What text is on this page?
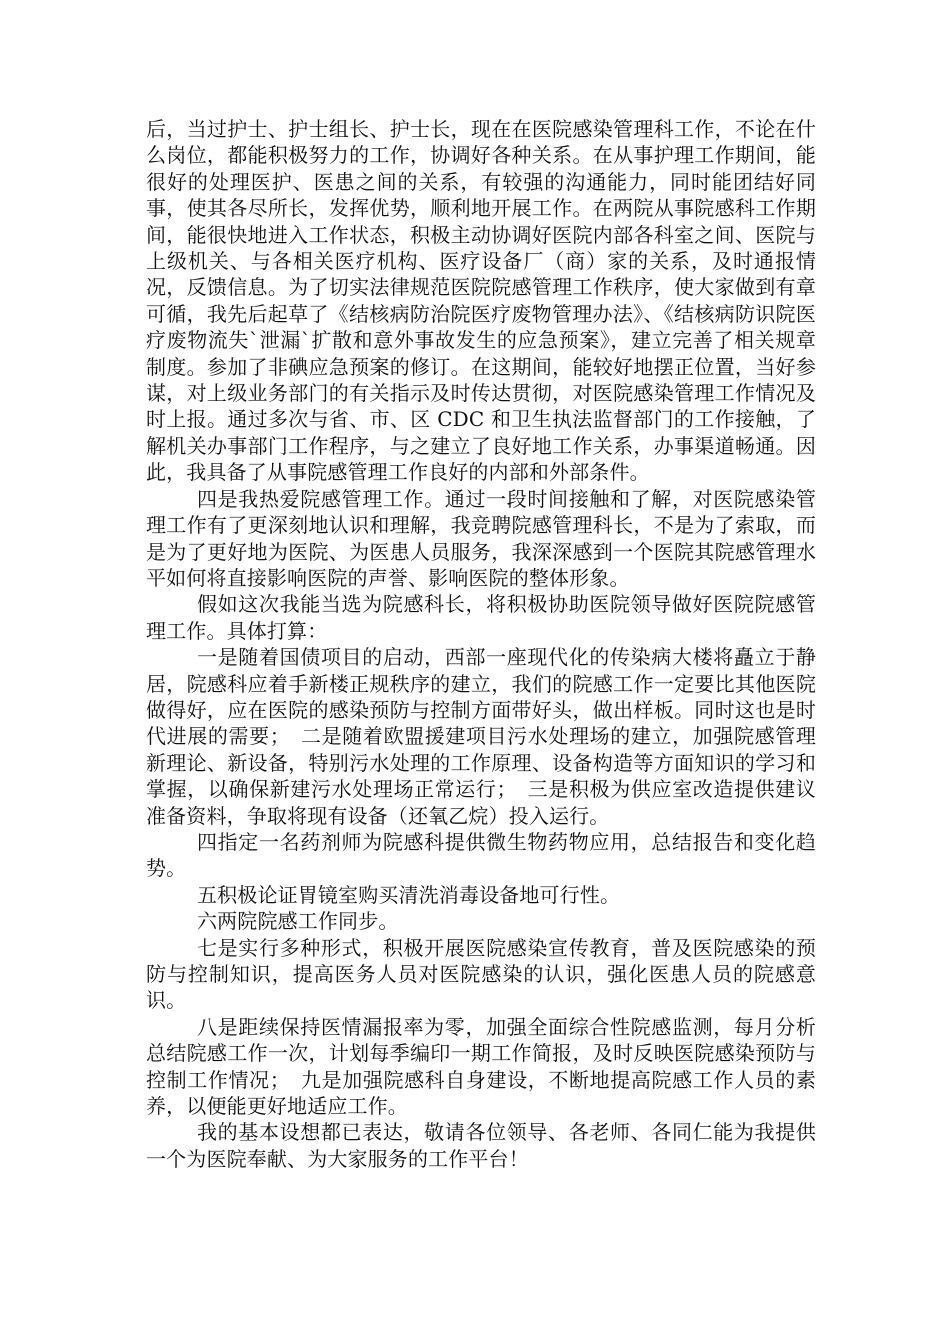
后，当过护士、护士组长、护士长，现在在医院感染管理科工作，不论在什么岗位，都能积极努力的工作，协调好各种关系。在从事护理工作期间，能很好的处理医护、医患之间的关系，有较强的沟通能力，同时能团结好同事，使其各尽所长，发挥优势，顺利地开展工作。在两院从事院感科工作期间，能很快地进入工作状态，积极主动协调好医院内部各科室之间、医院与上级机关、与各相关医疗机构、医疗设备厂（商）家的关系，及时通报情况，反馈信息。为了切实法律规范医院院感管理工作秩序，使大家做到有章可循，我先后起草了《结核病防治院医疗废物管理办法》、《结核病防识院医疗废物流失`泄漏`扩散和意外事故发生的应急预案》，建立完善了相关规章制度。参加了非碘应急预案的修订。在这期间，能较好地摆正位置，当好参谋，对上级业务部门的有关指示及时传达贯彻，对医院感染管理工作情况及时上报。通过多次与省、市、区 CDC 和卫生执法监督部门的工作接触，了解机关办事部门工作程序，与之建立了良好地工作关系，办事渠道畅通。因此，我具备了从事院感管理工作良好的内部和外部条件。

四是我热爱院感管理工作。通过一段时间接触和了解，对医院感染管理工作有了更深刻地认识和理解，我竞聘院感管理科长，不是为了索取，而是为了更好地为医院、为医患人员服务，我深深感到一个医院其院感管理水平如何将直接影响医院的声誉、影响医院的整体形象。

假如这次我能当选为院感科长，将积极协助医院领导做好医院院感管理工作。具体打算：

一是随着国债项目的启动，西部一座现代化的传染病大楼将矗立于静居，院感科应着手新楼正规秩序的建立，我们的院感工作一定要比其他医院做得好，应在医院的感染预防与控制方面带好头，做出样板。同时这也是时代进展的需要；　二是随着欧盟援建项目污水处理场的建立，加强院感管理新理论、新设备，特别污水处理的工作原理、设备构造等方面知识的学习和掌握，以确保新建污水处理场正常运行；　三是积极为供应室改造提供建议准备资料，争取将现有设备（还氧乙烷）投入运行。

四指定一名药剂师为院感科提供微生物药物应用，总结报告和变化趋势。

五积极论证胃镜室购买清洗消毒设备地可行性。

六两院院感工作同步。

七是实行多种形式，积极开展医院感染宣传教育，普及医院感染的预防与控制知识，提高医务人员对医院感染的认识，强化医患人员的院感意识。

八是距续保持医情漏报率为零，加强全面综合性院感监测，每月分析总结院感工作一次，计划每季编印一期工作简报，及时反映医院感染预防与控制工作情况；　九是加强院感科自身建设，不断地提高院感工作人员的素养，以便能更好地适应工作。

我的基本设想都已表达，敬请各位领导、各老师、各同仁能为我提供一个为医院奉献、为大家服务的工作平台！
